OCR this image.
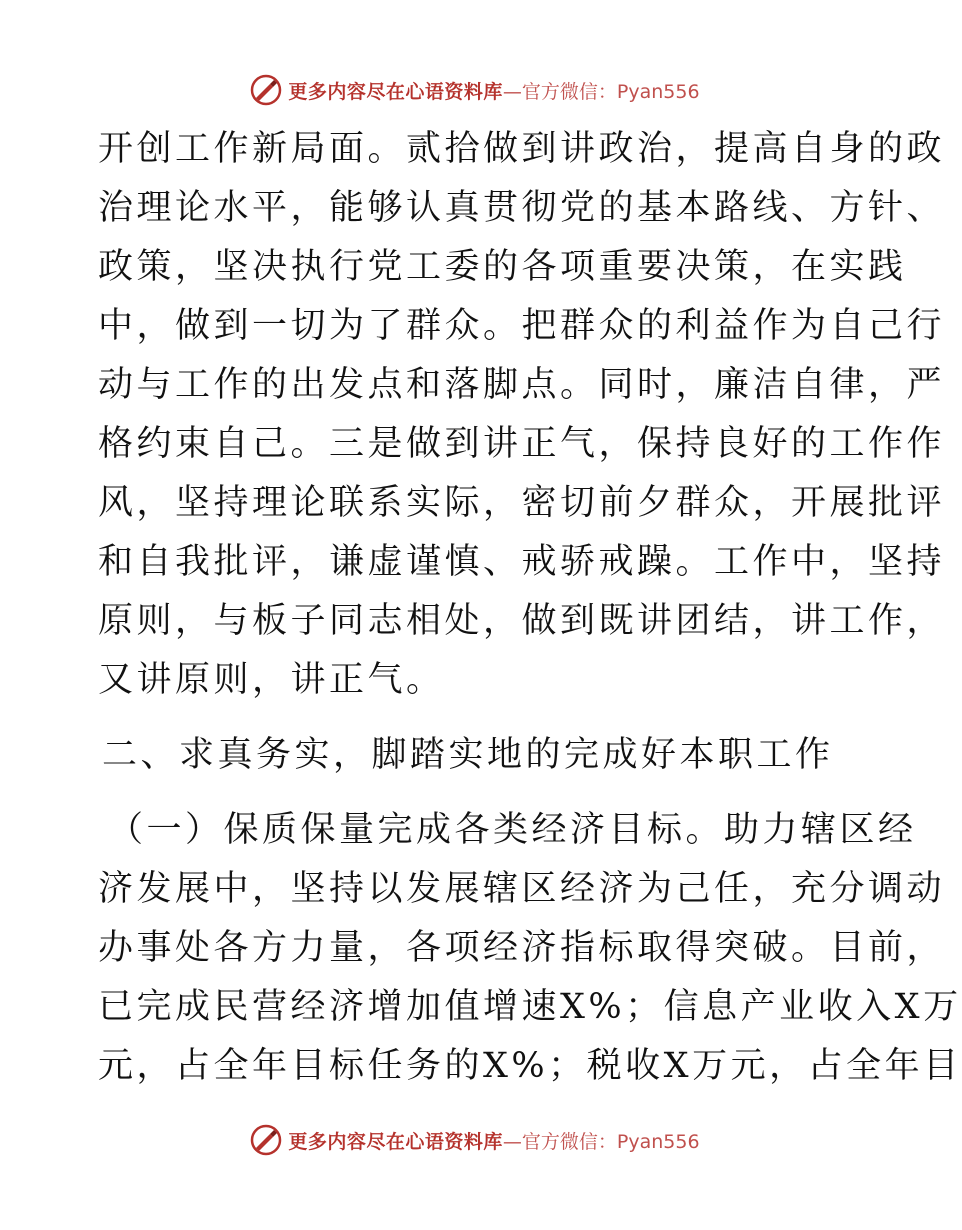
更多内容尽在心语资料库 —官方微信：Pyan556
开创工作新局面。贰拾做到讲政治，提高自身的政
治理论水平，能够认真贯彻党的基本路线、方针、
政策，坚决执行党工委的各项重要决策，在实践
中，做到一切为了群众。把群众的利益作为自己行
动与工作的出发点和落脚点。同时，廉洁自律，严
格约束自己。三是做到讲正气，保持良好的工作作
风，坚持理论联系实际，密切前夕群众，开展批评
和自我批评，谦虚谨慎、戒骄戒躁。工作中，坚持
原则，与板子同志相处，做到既讲团结，讲工作，
又讲原则，讲正气。
二、求真务实，脚踏实地的完成好本职工作
（一）保质保量完成各类经济目标。助力辖区经
济发展中，坚持以发展辖区经济为己任，充分调动
办事处各方力量，各项经济指标取得突破。目前，
已完成民营经济增加值增速X%；信息产业收入X万
元，占全年目标任务的X%；税收X万元，占全年目
更多内容尽在心语资料库 —官方微信：Pyan556
